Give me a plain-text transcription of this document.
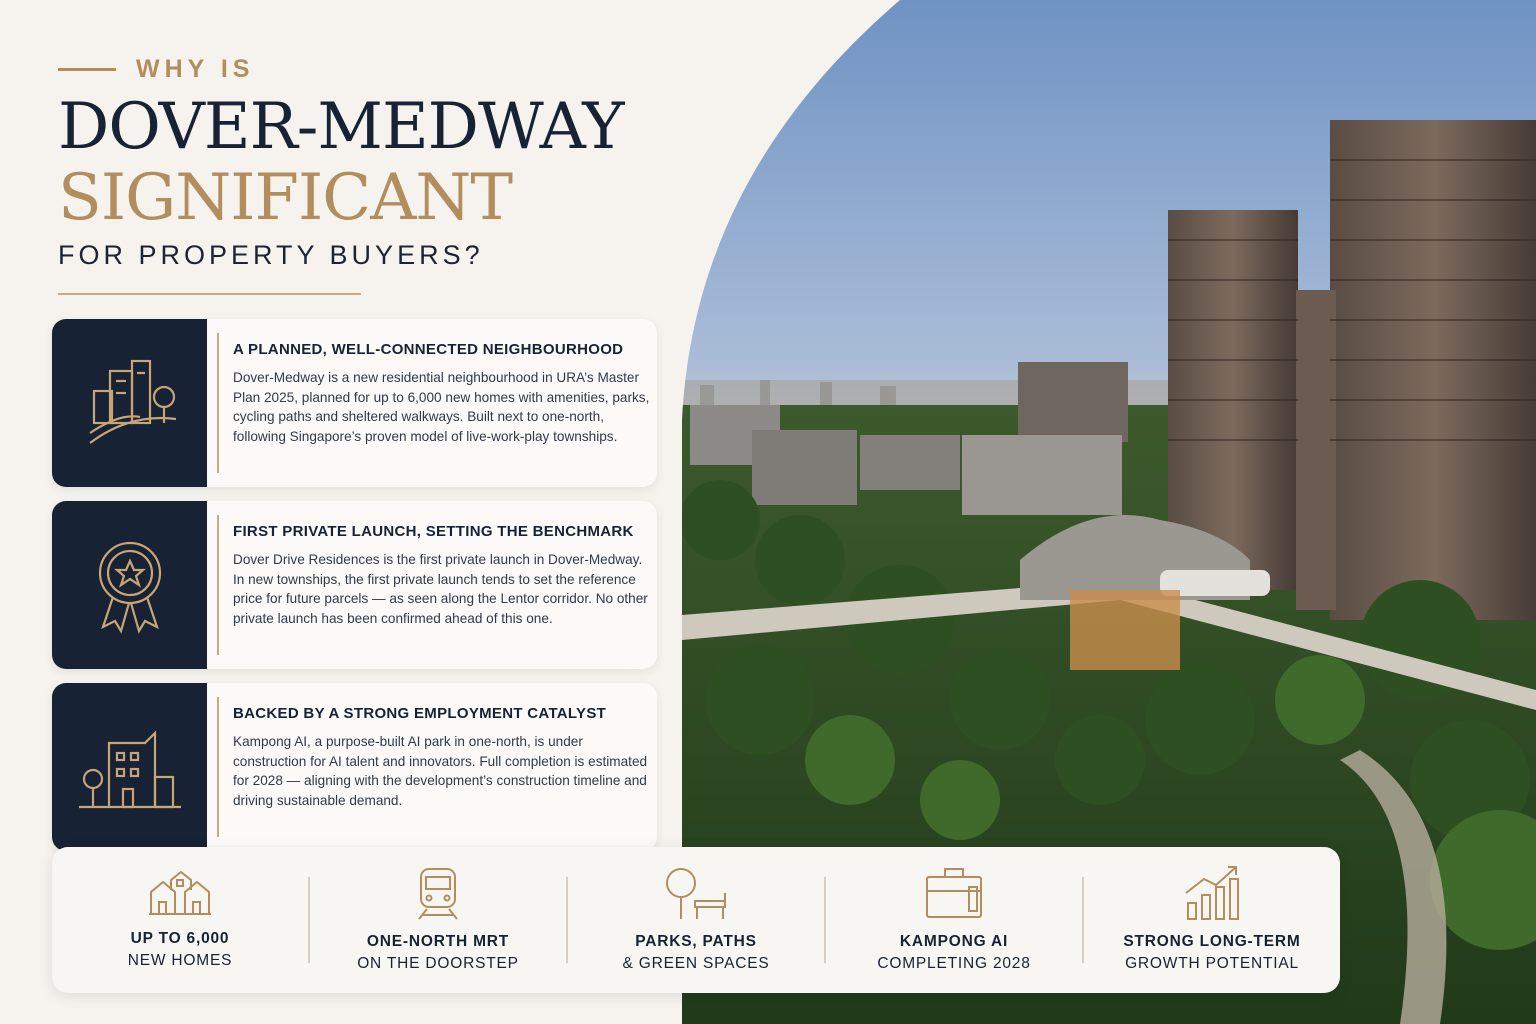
WHY IS
DOVER-MEDWAY
SIGNIFICANT
FOR PROPERTY BUYERS?
A PLANNED, WELL-CONNECTED NEIGHBOURHOOD

Dover-Medway is a new residential neighbourhood in URA’s Master Plan 2025, planned for up to 6,000 new homes with amenities, parks, cycling paths and sheltered walkways. Built next to one-north, following Singapore’s proven model of live-work-play townships.

FIRST PRIVATE LAUNCH, SETTING THE BENCHMARK

Dover Drive Residences is the first private launch in Dover-Medway. In new townships, the first private launch tends to set the reference price for future parcels — as seen along the Lentor corridor. No other private launch has been confirmed ahead of this one.

BACKED BY A STRONG EMPLOYMENT CATALYST

Kampong AI, a purpose-built AI park in one-north, is under construction for AI talent and innovators. Full completion is estimated for 2028 — aligning with the development’s construction timeline and driving sustainable demand.

UP TO 6,000
NEW HOMES
ONE-NORTH MRT
ON THE DOORSTEP
PARKS, PATHS
& GREEN SPACES
KAMPONG AI
COMPLETING 2028
STRONG LONG-TERM
GROWTH POTENTIAL
